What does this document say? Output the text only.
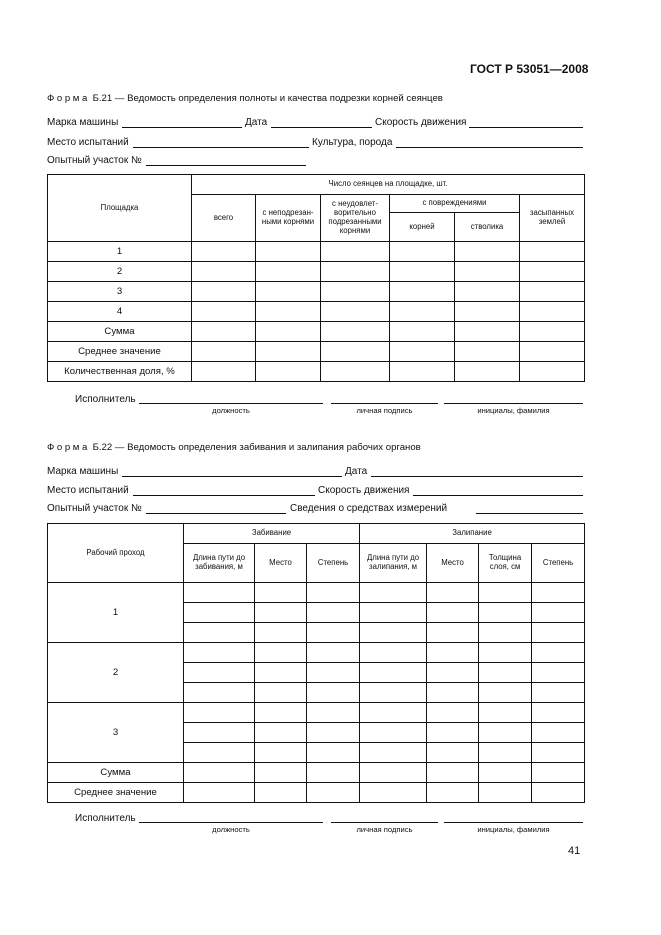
ГОСТ Р 53051—2008
Форма Б.21 — Ведомость определения полноты и качества подрезки корней сеянцев
Марка машины	Дата	Скорость движения
Место испытаний	Культура, порода
Опытный участок №
Площадка	Число сеянцев на площадке, шт.					
	всего	с неподрезан-ными корнями	с неудовлет-ворительно подрезанными корнями	с повреждениями		засыпанных землей
				корней	стволика	
1						
2						
3						
4						
Сумма						
Среднее значение						
Количественная доля, %						
Исполнитель
должность	личная подпись	инициалы, фамилия
Форма Б.22 — Ведомость определения забивания и залипания рабочих органов
Марка машины	Дата
Место испытаний	Скорость движения
Опытный участок №	Сведения о средствах измерений
Рабочий проход	Забивание			Залипание			
	Длина пути до забивания, м	Место	Степень	Длина пути до залипания, м	Место	Толщина слоя, см	Степень
1							

2							

3							

Сумма							
Среднее значение							
Исполнитель
должность	личная подпись	инициалы, фамилия
41
